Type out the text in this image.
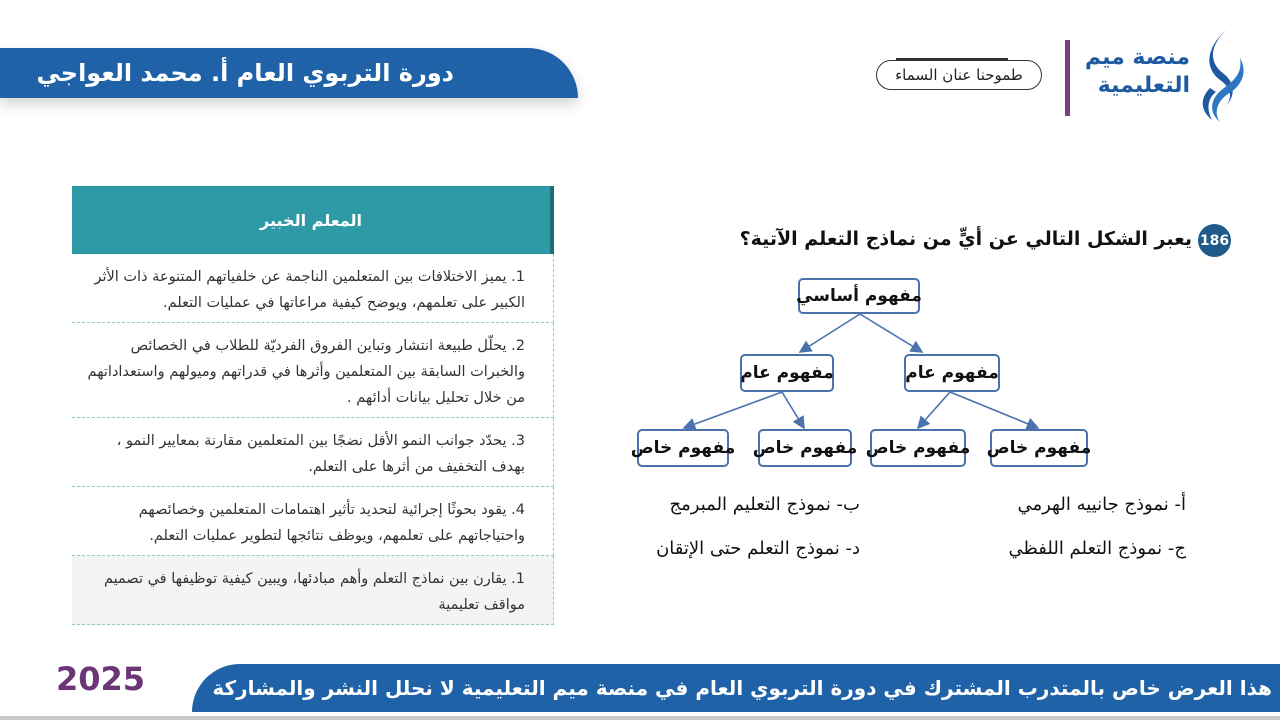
دورة التربوي العام أ. محمد العواجي
منصة ميم
التعليمية
طموحنا عنان السماء
المعلم الخبير
1. يميز الاختلافات بين المتعلمين الناجمة عن خلفياتهم المتنوعة ذات الأثر الكبير على تعلمهم، ويوضح كيفية مراعاتها في عمليات التعلم.
2. يحلّل طبيعة انتشار وتباين الفروق الفرديّة للطلاب في الخصائص والخبرات السابقة بين المتعلمين وأثرها في قدراتهم وميولهم واستعداداتهم من خلال تحليل بيانات أدائهم .
3. يحدّد جوانب النمو الأقل نضجًا بين المتعلمين مقارنة بمعايير النمو ، بهدف التخفيف من أثرها على التعلم.
4. يقود بحوثًا إجرائية لتحديد تأثير اهتمامات المتعلمين وخصائصهم واحتياجاتهم على تعلمهم، ويوظف نتائجها لتطوير عمليات التعلم.
1. يقارن بين نماذج التعلم وأهم مبادئها، ويبين كيفية توظيفها في تصميم مواقف تعليمية
186
يعبر الشكل التالي عن أيٍّ من نماذج التعلم الآتية؟
مفهوم أساسي
مفهوم عام	مفهوم عام
مفهوم خاص مفهوم خاص مفهوم خاص مفهوم خاص
أ- نموذج جانييه الهرمي
ب- نموذج التعليم المبرمج
ج- نموذج التعلم اللفظي
د- نموذج التعلم حتى الإتقان
2025	هذا العرض خاص بالمتدرب المشترك في دورة التربوي العام في منصة ميم التعليمية لا نحلل النشر والمشاركة
